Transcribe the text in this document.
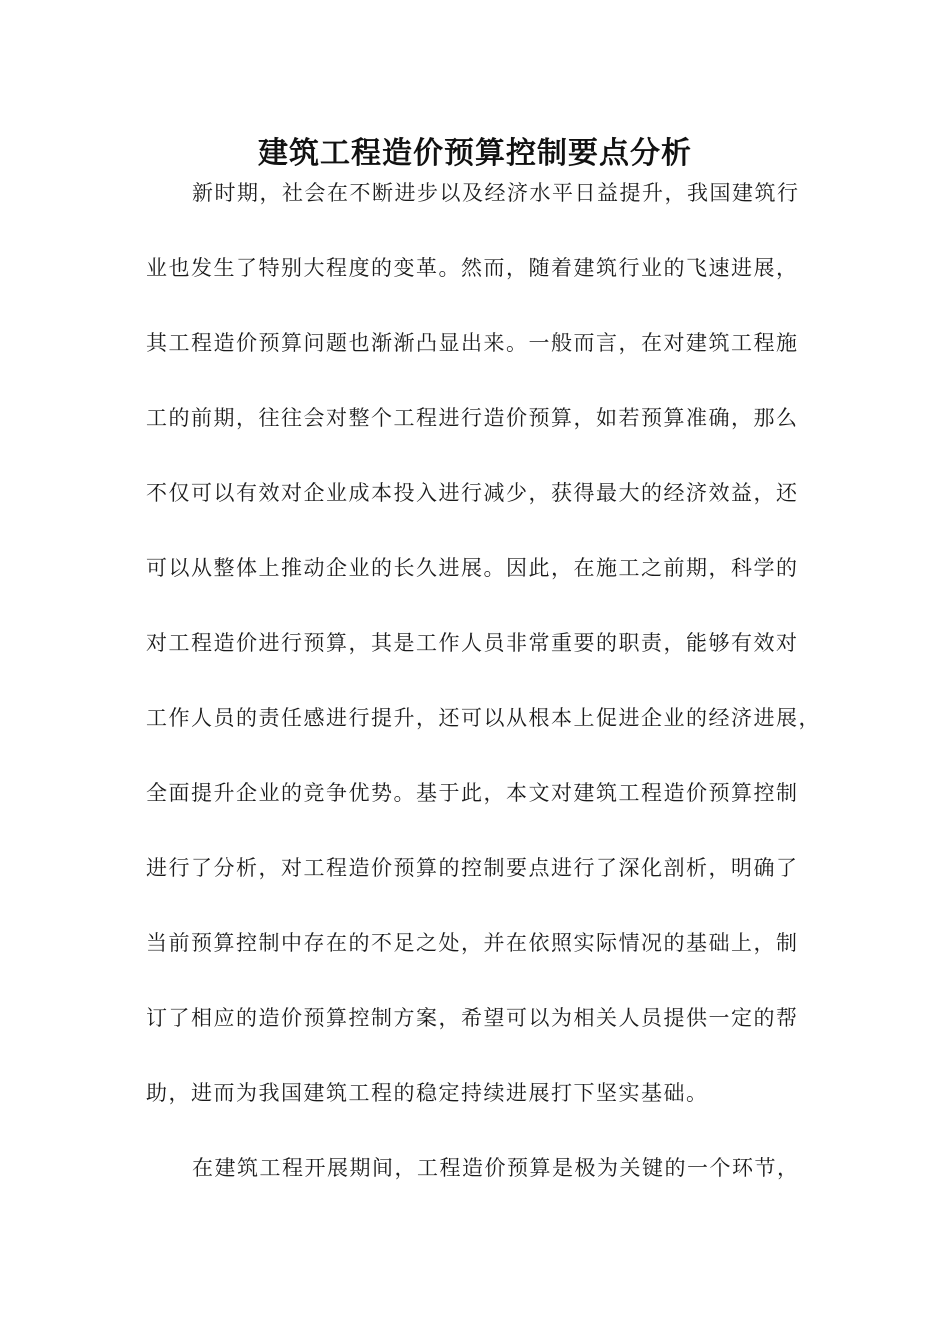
建筑工程造价预算控制要点分析
新时期，社会在不断进步以及经济水平日益提升，我国建筑行
业也发生了特别大程度的变革。然而，随着建筑行业的飞速进展，
其工程造价预算问题也渐渐凸显出来。一般而言，在对建筑工程施
工的前期，往往会对整个工程进行造价预算，如若预算准确，那么
不仅可以有效对企业成本投入进行减少，获得最大的经济效益，还
可以从整体上推动企业的长久进展。因此，在施工之前期，科学的
对工程造价进行预算，其是工作人员非常重要的职责，能够有效对
工作人员的责任感进行提升，还可以从根本上促进企业的经济进展，
全面提升企业的竞争优势。基于此，本文对建筑工程造价预算控制
进行了分析，对工程造价预算的控制要点进行了深化剖析，明确了
当前预算控制中存在的不足之处，并在依照实际情况的基础上，制
订了相应的造价预算控制方案，希望可以为相关人员提供一定的帮
助，进而为我国建筑工程的稳定持续进展打下坚实基础。
在建筑工程开展期间，工程造价预算是极为关键的一个环节，
